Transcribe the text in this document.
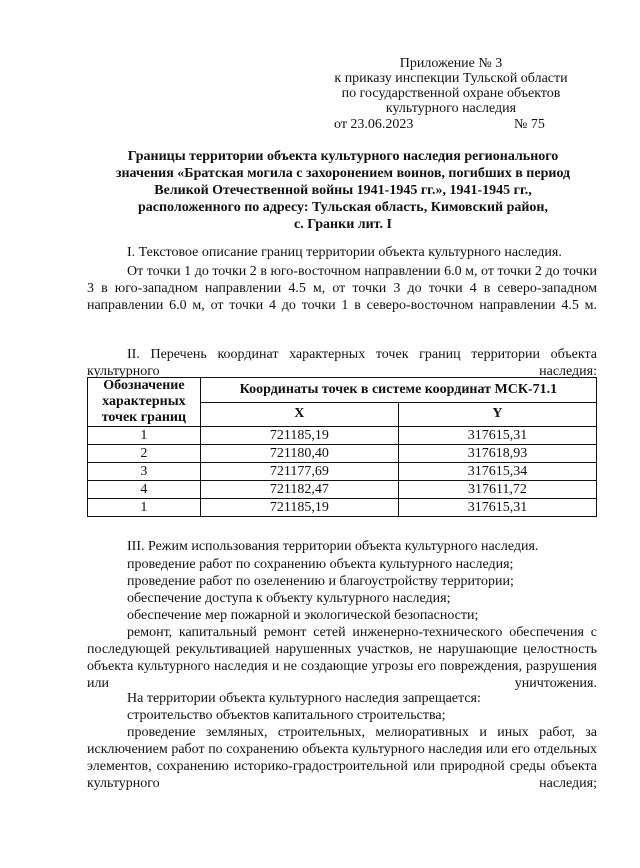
Приложение № 3
к приказу инспекции Тульской области
по государственной охране объектов
культурного наследия
от 23.06.2023	№ 75
Границы территории объекта культурного наследия регионального
значения «Братская могила с захоронением воинов, погибших в период
Великой Отечественной войны 1941-1945 гг.», 1941-1945 гг.,
расположенного по адресу: Тульская область, Кимовский район,
с. Гранки лит. I
I. Текстовое описание границ территории объекта культурного наследия.
От точки 1 до точки 2 в юго-восточном направлении 6.0 м, от точки 2 до точки 3 в юго-западном направлении 4.5 м, от точки 3 до точки 4 в северо-западном направлении 6.0 м, от точки 4 до точки 1 в северо-восточном направлении 4.5 м.
II. Перечень координат характерных точек границ территории объекта культурного наследия:
Обозначение характерных точек границ	Координаты точек в системе координат МСК-71.1	
	X	Y
1	721185,19	317615,31
2	721180,40	317618,93
3	721177,69	317615,34
4	721182,47	317611,72
1	721185,19	317615,31
III. Режим использования территории объекта культурного наследия.
проведение работ по сохранению объекта культурного наследия;
проведение работ по озеленению и благоустройству территории;
обеспечение доступа к объекту культурного наследия;
обеспечение мер пожарной и экологической безопасности;
ремонт, капитальный ремонт сетей инженерно-технического обеспечения с последующей рекультивацией нарушенных участков, не нарушающие целостность объекта культурного наследия и не создающие угрозы его повреждения, разрушения или уничтожения.
На территории объекта культурного наследия запрещается:
строительство объектов капитального строительства;
проведение земляных, строительных, мелиоративных и иных работ, за исключением работ по сохранению объекта культурного наследия или его отдельных элементов, сохранению историко-градостроительной или природной среды объекта культурного наследия;
